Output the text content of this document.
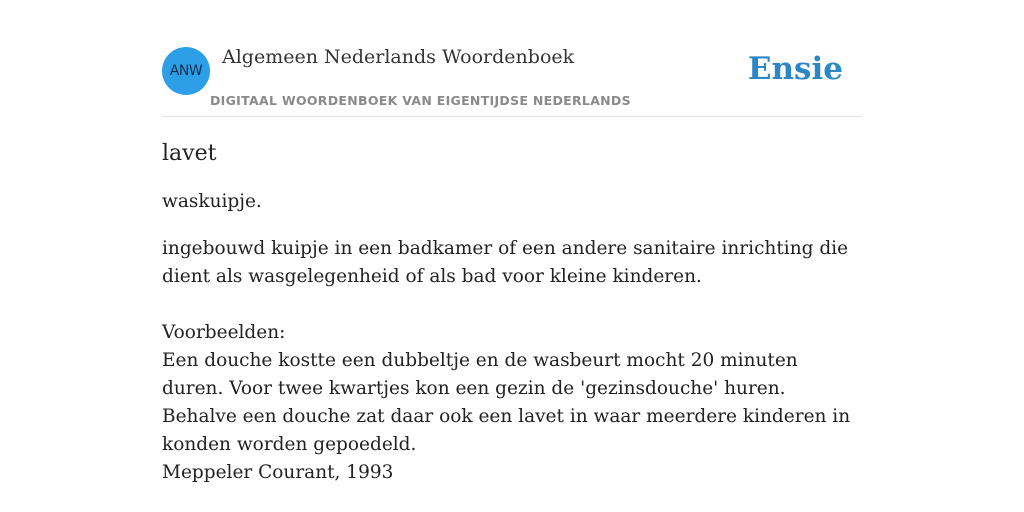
ANW
Algemeen Nederlands Woordenboek
DIGITAAL WOORDENBOEK VAN EIGENTIJDSE NEDERLANDS
Ensie
lavet

waskuipje.

ingebouwd kuipje in een badkamer of een andere sanitaire inrichting die dient als wasgelegenheid of als bad voor kleine kinderen.

Voorbeelden:
Een douche kostte een dubbeltje en de wasbeurt mocht 20 minuten duren. Voor twee kwartjes kon een gezin de 'gezinsdouche' huren. Behalve een douche zat daar ook een lavet in waar meerdere kinderen in konden worden gepoedeld.
Meppeler Courant, 1993
